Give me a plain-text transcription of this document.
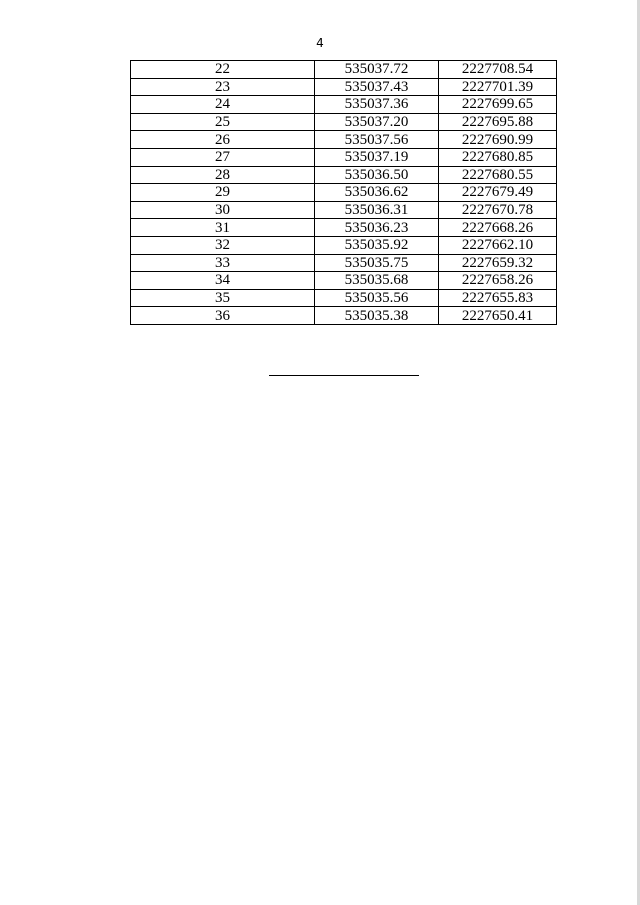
4
22	535037.72	2227708.54
23	535037.43	2227701.39
24	535037.36	2227699.65
25	535037.20	2227695.88
26	535037.56	2227690.99
27	535037.19	2227680.85
28	535036.50	2227680.55
29	535036.62	2227679.49
30	535036.31	2227670.78
31	535036.23	2227668.26
32	535035.92	2227662.10
33	535035.75	2227659.32
34	535035.68	2227658.26
35	535035.56	2227655.83
36	535035.38	2227650.41
